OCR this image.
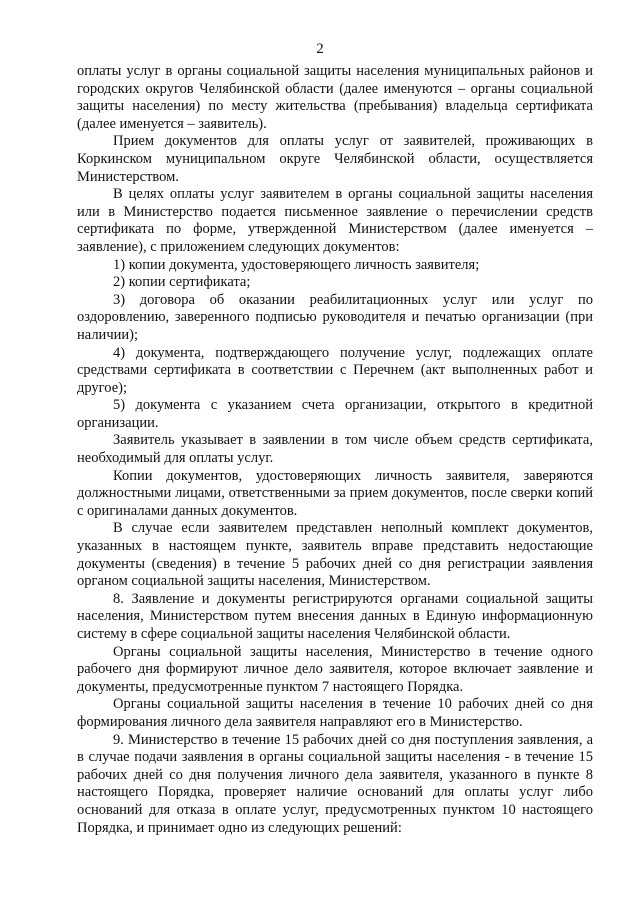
2

оплаты услуг в органы социальной защиты населения муниципальных районов и городских округов Челябинской области (далее именуются – органы социальной защиты населения) по месту жительства (пребывания) владельца сертификата (далее именуется – заявитель).

Прием документов для оплаты услуг от заявителей, проживающих в Коркинском муниципальном округе Челябинской области, осуществляется Министерством.

В целях оплаты услуг заявителем в органы социальной защиты населения или в Министерство подается письменное заявление о перечислении средств сертификата по форме, утвержденной Министерством (далее именуется – заявление), с приложением следующих документов:

1) копии документа, удостоверяющего личность заявителя;

2) копии сертификата;

3) договора об оказании реабилитационных услуг или услуг по оздоровлению, заверенного подписью руководителя и печатью организации (при наличии);

4) документа, подтверждающего получение услуг, подлежащих оплате средствами сертификата в соответствии с Перечнем (акт выполненных работ и другое);

5) документа с указанием счета организации, открытого в кредитной организации.

Заявитель указывает в заявлении в том числе объем средств сертификата, необходимый для оплаты услуг.

Копии документов, удостоверяющих личность заявителя, заверяются должностными лицами, ответственными за прием документов, после сверки копий с оригиналами данных документов.

В случае если заявителем представлен неполный комплект документов, указанных в настоящем пункте, заявитель вправе представить недостающие документы (сведения) в течение 5 рабочих дней со дня регистрации заявления органом социальной защиты населения, Министерством.

8. Заявление и документы регистрируются органами социальной защиты населения, Министерством путем внесения данных в Единую информационную систему в сфере социальной защиты населения Челябинской области.

Органы социальной защиты населения, Министерство в течение одного рабочего дня формируют личное дело заявителя, которое включает заявление и документы, предусмотренные пунктом 7 настоящего Порядка.

Органы социальной защиты населения в течение 10 рабочих дней со дня формирования личного дела заявителя направляют его в Министерство.

9. Министерство в течение 15 рабочих дней со дня поступления заявления, а в случае подачи заявления в органы социальной защиты населения - в течение 15 рабочих дней со дня получения личного дела заявителя, указанного в пункте 8 настоящего Порядка, проверяет наличие оснований для оплаты услуг либо оснований для отказа в оплате услуг, предусмотренных пунктом 10 настоящего Порядка, и принимает одно из следующих решений:
